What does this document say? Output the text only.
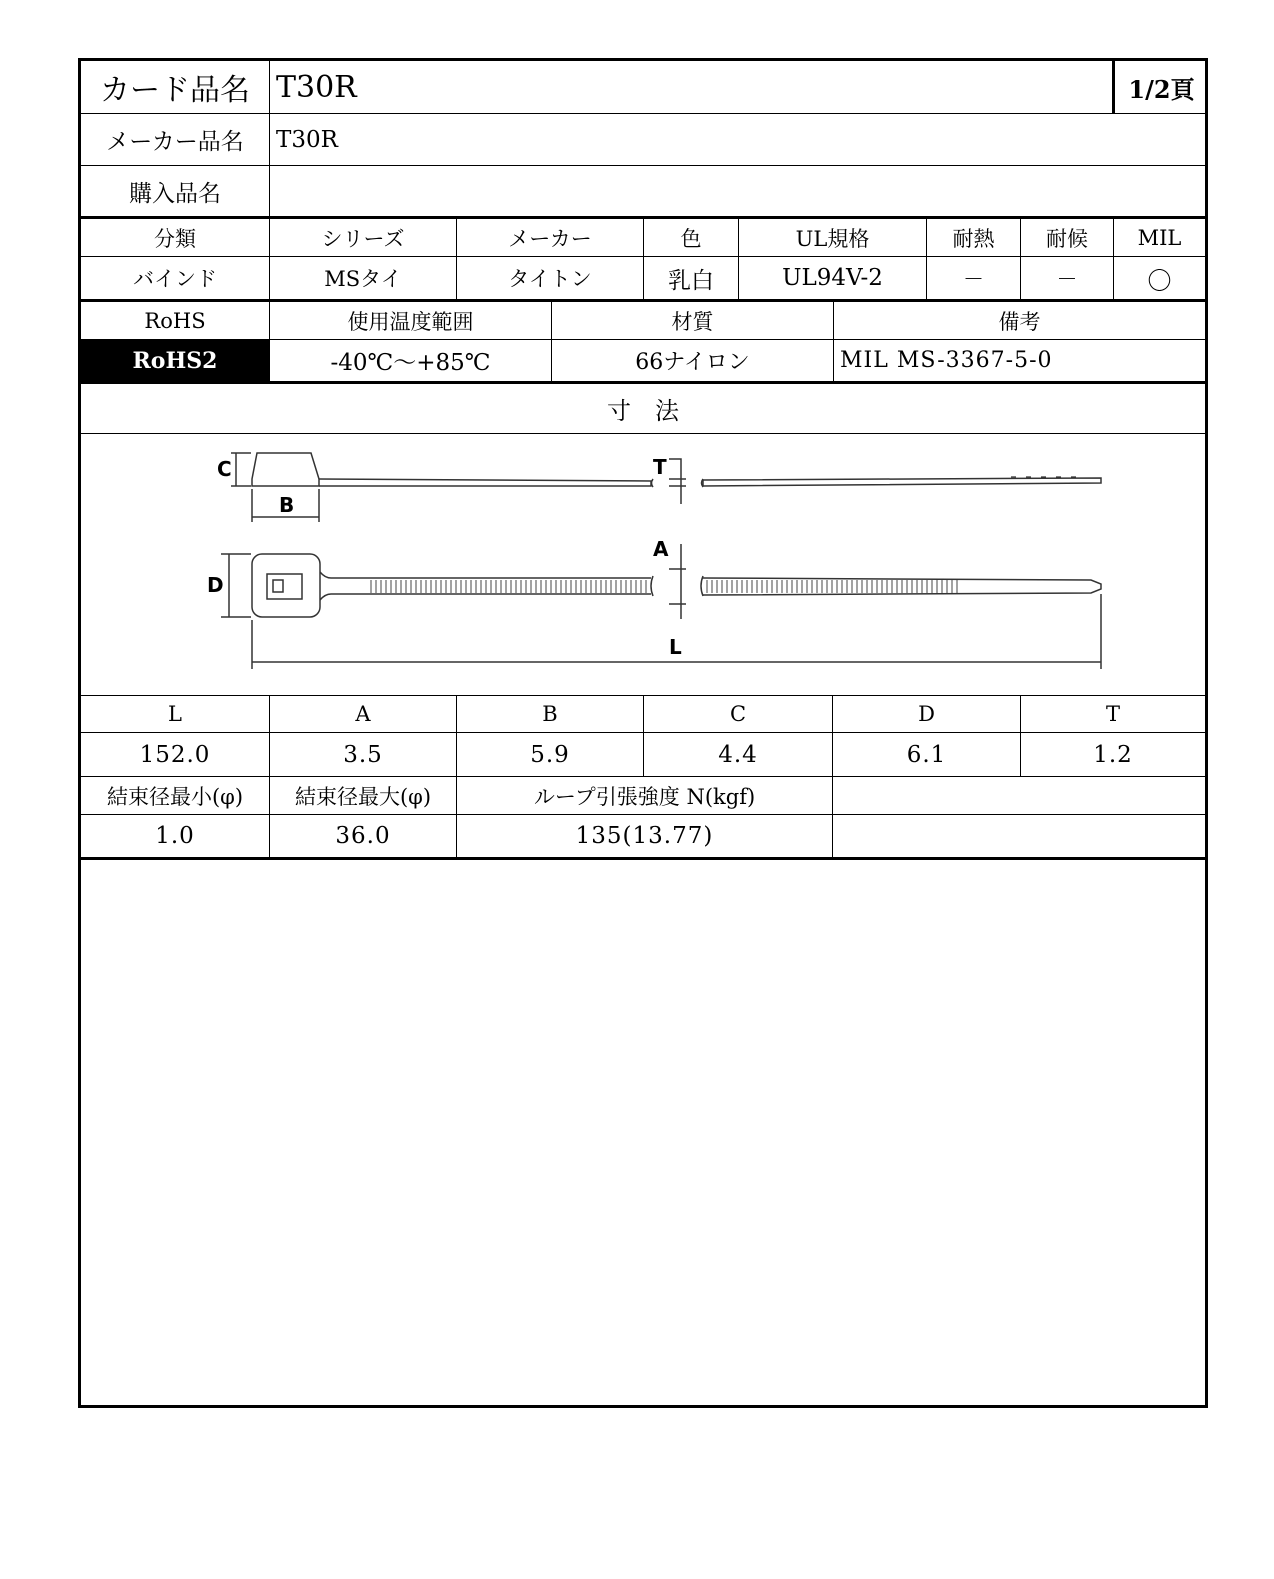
カード品名 T30R	1/2頁
メーカー品名	T30R
購入品名
分類	シリーズ	メーカー	色	UL規格	耐熱	耐候	MIL
バインド	MSタイ	タイトン	乳白	UL94V-2	－	－	〇
RoHS	使用温度範囲	材質	備考
RoHS2	-40℃～+85℃	66ナイロン	MIL MS-3367-5-0
寸　法
C
B
T
A
D
L
L	A	B	C	D	T
152.0	3.5	5.9	4.4	6.1	1.2
結束径最小(φ)	結束径最大(φ)	ループ引張強度 N(kgf)
1.0	36.0	135(13.77)
